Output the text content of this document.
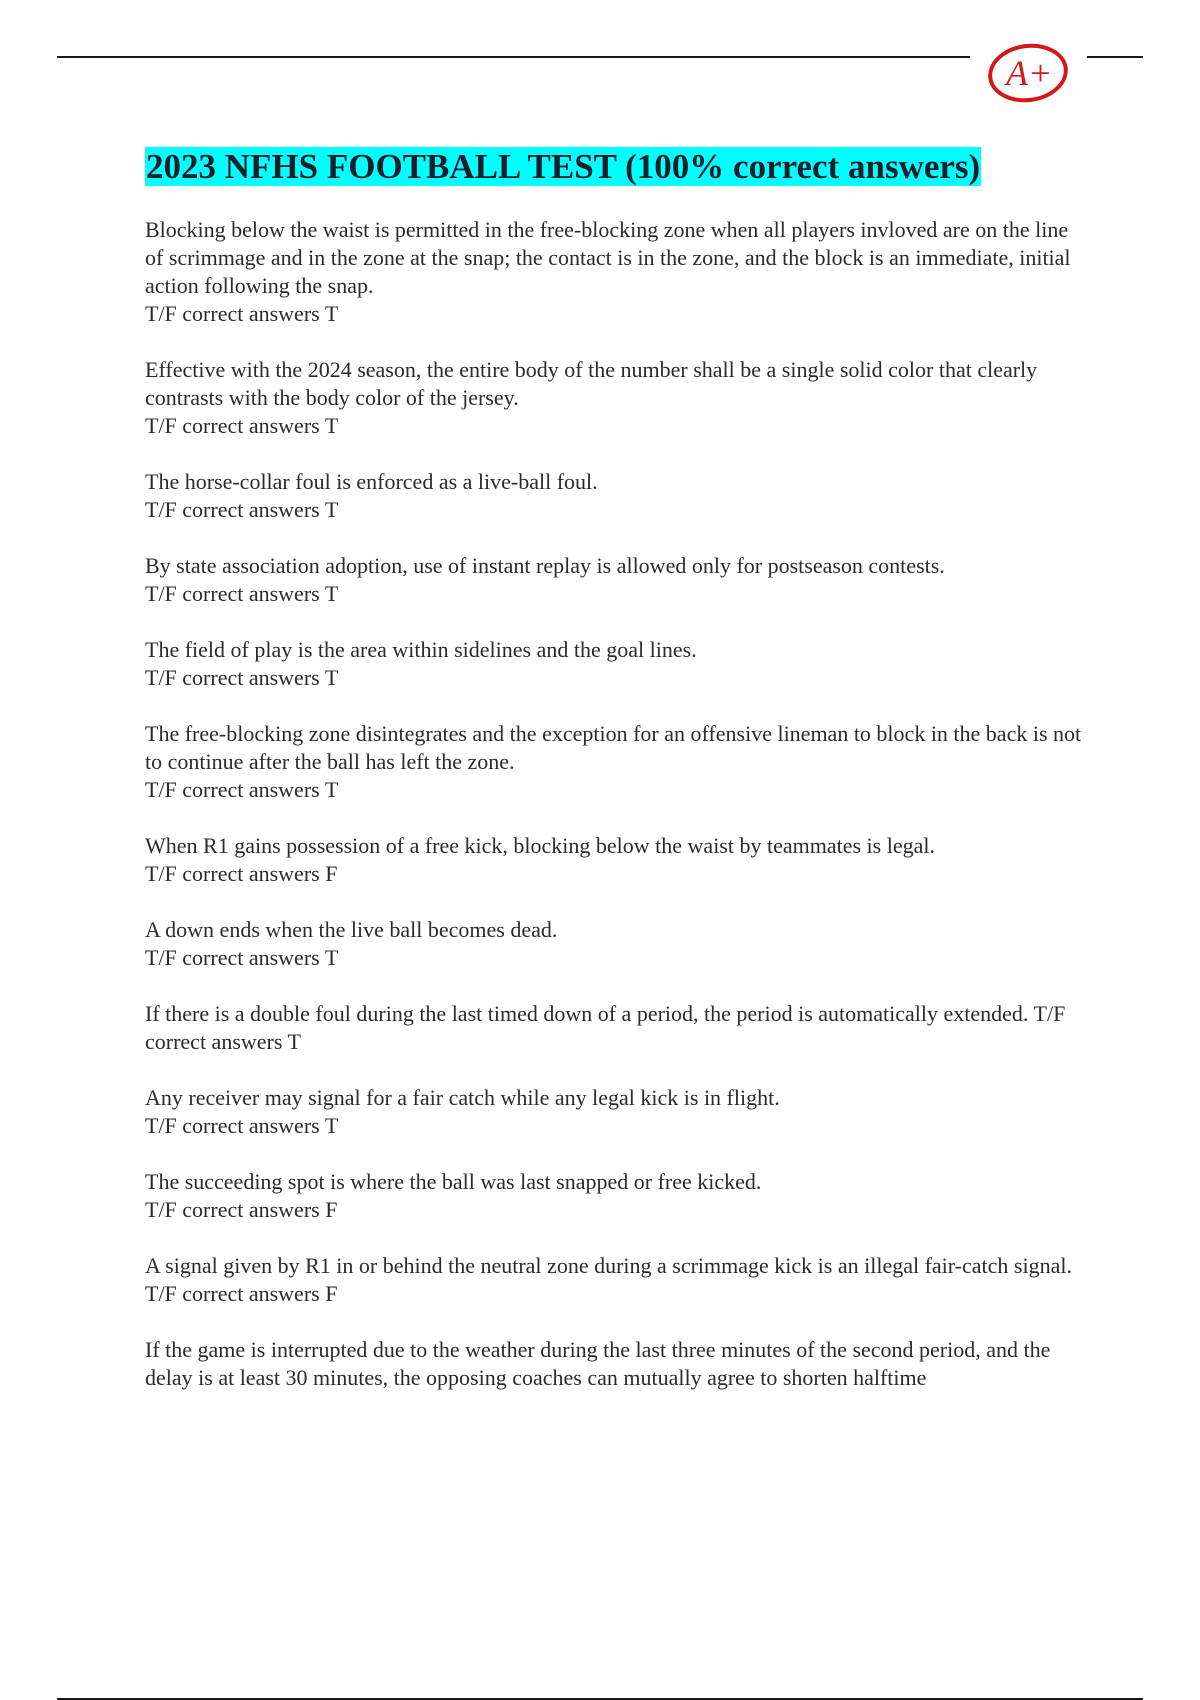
A+
2023 NFHS FOOTBALL TEST (100% correct answers)
Blocking below the waist is permitted in the free-blocking zone when all players invloved are on the line of scrimmage and in the zone at the snap; the contact is in the zone, and the block is an immediate, initial action following the snap.
T/F correct answers T
Effective with the 2024 season, the entire body of the number shall be a single solid color that clearly contrasts with the body color of the jersey.
T/F correct answers T
The horse-collar foul is enforced as a live-ball foul.
T/F correct answers T
By state association adoption, use of instant replay is allowed only for postseason contests.
T/F correct answers T
The field of play is the area within sidelines and the goal lines.
T/F correct answers T
The free-blocking zone disintegrates and the exception for an offensive lineman to block in the back is not to continue after the ball has left the zone.
T/F correct answers T
When R1 gains possession of a free kick, blocking below the waist by teammates is legal.
T/F correct answers F
A down ends when the live ball becomes dead.
T/F correct answers T
If there is a double foul during the last timed down of a period, the period is automatically extended. T/F correct answers T
Any receiver may signal for a fair catch while any legal kick is in flight.
T/F correct answers T
The succeeding spot is where the ball was last snapped or free kicked.
T/F correct answers F
A signal given by R1 in or behind the neutral zone during a scrimmage kick is an illegal fair-catch signal.
T/F correct answers F
If the game is interrupted due to the weather during the last three minutes of the second period, and the delay is at least 30 minutes, the opposing coaches can mutually agree to shorten halftime
